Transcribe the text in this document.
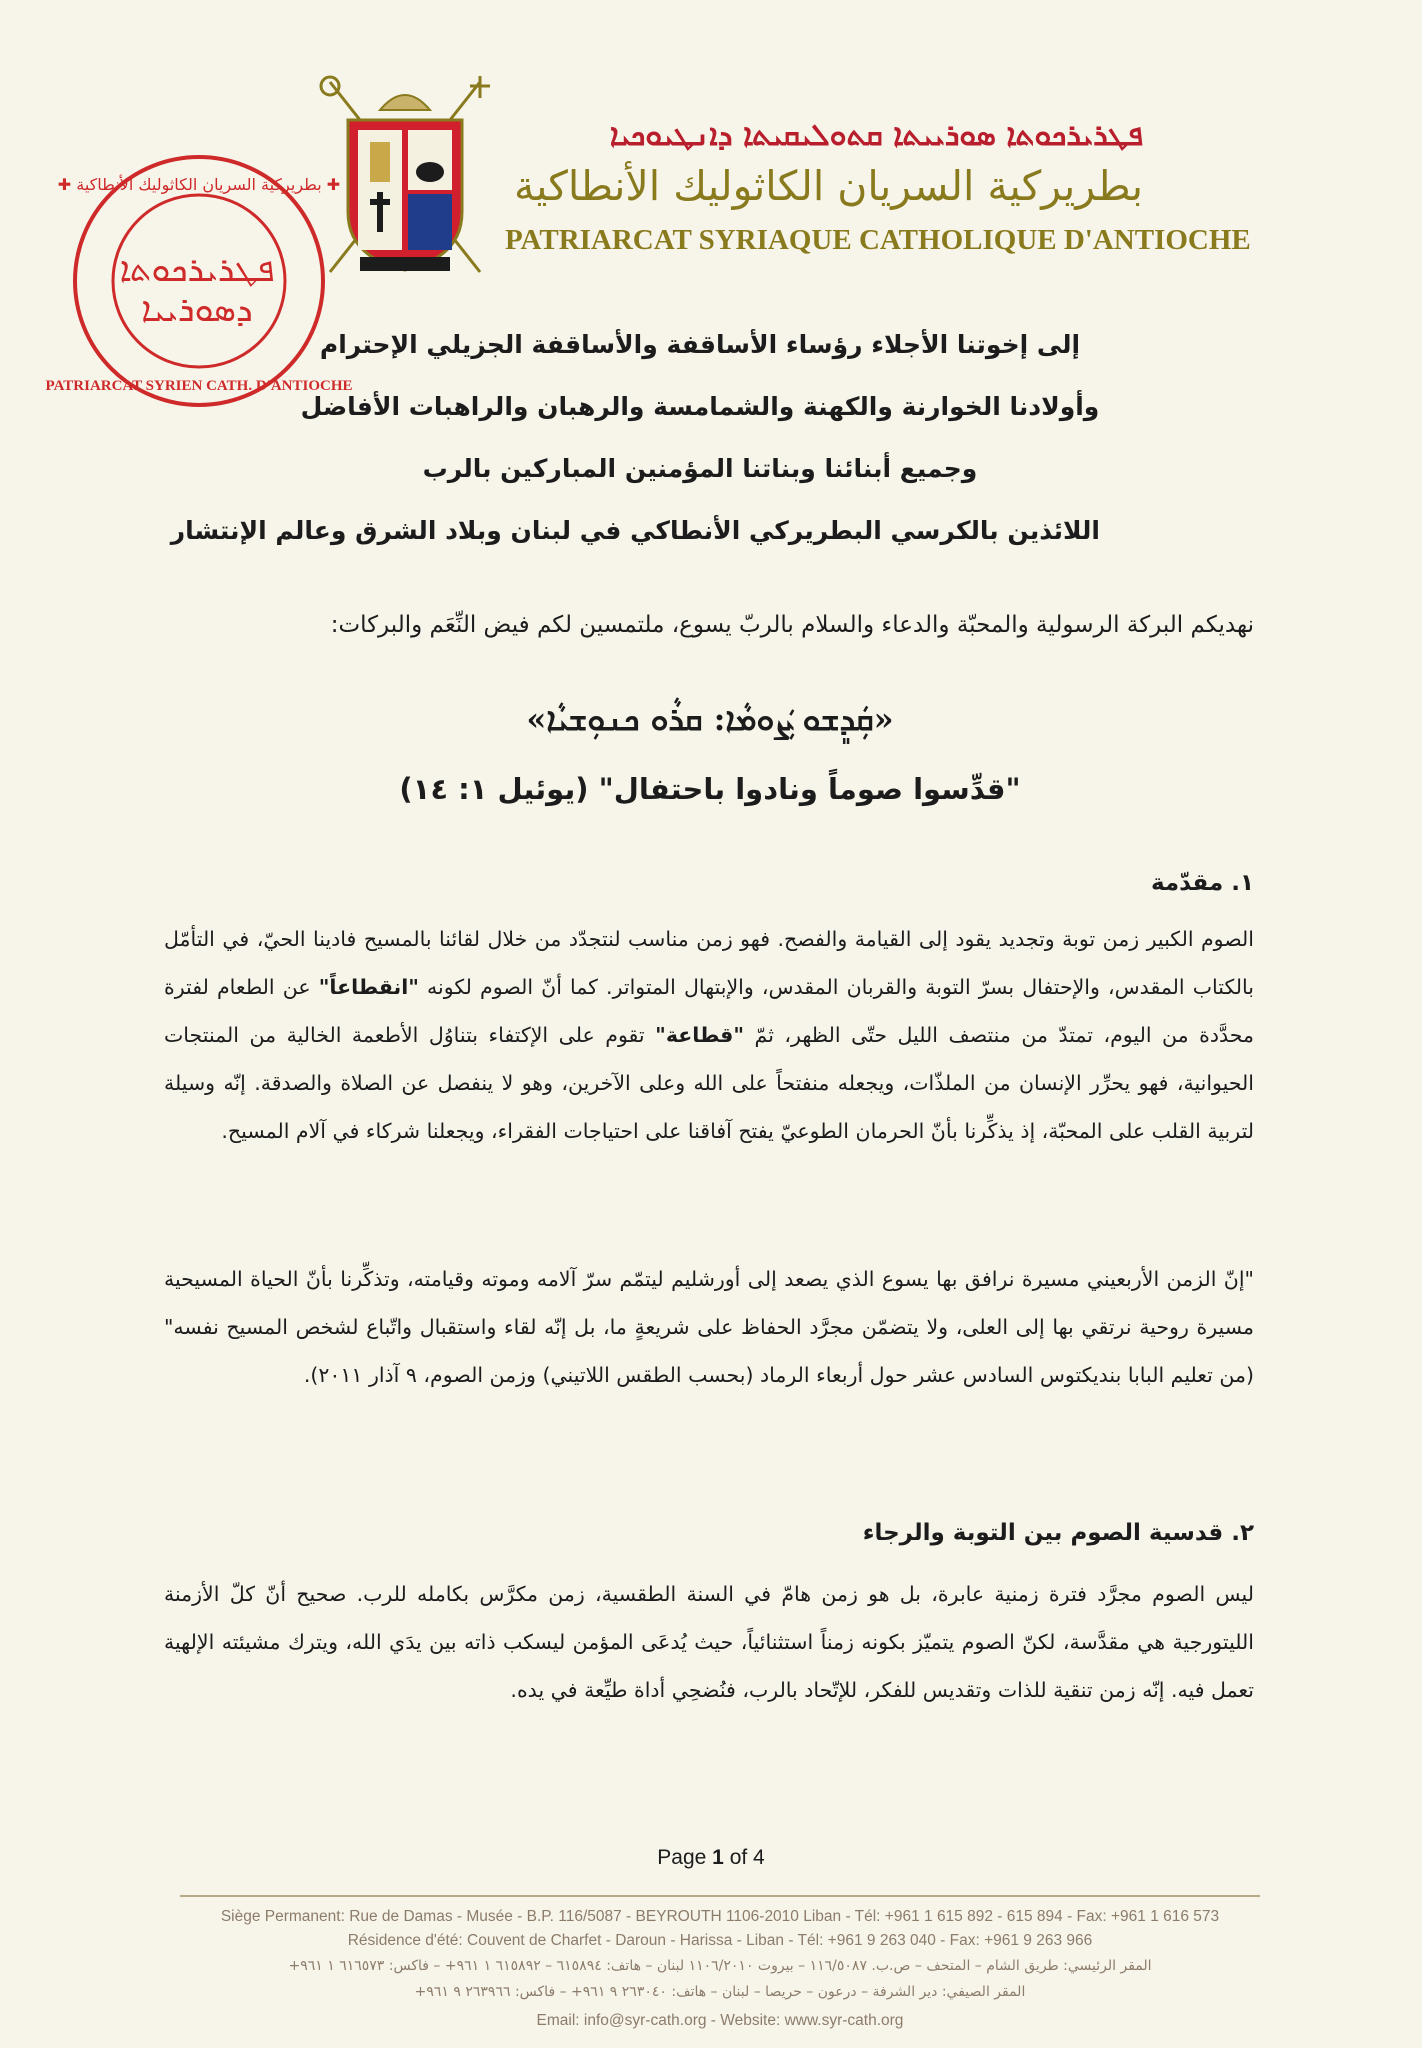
✚ بطريركية السريان الكاثوليك الأنطاكية ✚
PATRIARCAT SYRIEN CATH. D'ANTIOCHE
ܦܛܪܝܪܟܘܬܐ ܕܣܘܪܝܝܐ
ܦܛܪܝܪܟܘܬܐ ܣܘܪܝܝܬܐ ܩܬܘܠܝܩܝܬܐ ܕܐܢܛܝܘܟܝܐ
بطريركية السريان الكاثوليك الأنطاكية
PATRIARCAT SYRIAQUE CATHOLIQUE D'ANTIOCHE
إلى إخوتنا الأجلاء رؤساء الأساقفة والأساقفة الجزيلي الإحترام
وأولادنا الخوارنة والكهنة والشمامسة والرهبان والراهبات الأفاضل
وجميع أبنائنا وبناتنا المؤمنين المباركين بالرب
اللائذين بالكرسي البطريركي الأنطاكي في لبنان وبلاد الشرق وعالم الإنتشار
نهديكم البركة الرسولية والمحبّة والدعاء والسلام بالربّ يسوع، ملتمسين لكم فيض النِّعَم والبركات:
«ܩܲܕܸܫܘ ܨܲܘܡܵܐ: ܩܪܵܘ ܟܢܘܼܫܝܵܐ»
"قدِّسوا صوماً ونادوا باحتفال" (يوئيل ١: ١٤)
١. مقدّمة
الصوم الكبير زمن توبة وتجديد يقود إلى القيامة والفصح. فهو زمن مناسب لنتجدّد من خلال لقائنا بالمسيح فادينا الحيّ، في التأمّل بالكتاب المقدس، والإحتفال بسرّ التوبة والقربان المقدس، والإبتهال المتواتر. كما أنّ الصوم لكونه "انقطاعاً" عن الطعام لفترة محدَّدة من اليوم، تمتدّ من منتصف الليل حتّى الظهر، ثمّ "قطاعة" تقوم على الإكتفاء بتناوُل الأطعمة الخالية من المنتجات الحيوانية، فهو يحرِّر الإنسان من الملذّات، ويجعله منفتحاً على الله وعلى الآخرين، وهو لا ينفصل عن الصلاة والصدقة. إنّه وسيلة لتربية القلب على المحبّة، إذ يذكِّرنا بأنّ الحرمان الطوعيّ يفتح آفاقنا على احتياجات الفقراء، ويجعلنا شركاء في آلام المسيح.
"إنّ الزمن الأربعيني مسيرة نرافق بها يسوع الذي يصعد إلى أورشليم ليتمّم سرّ آلامه وموته وقيامته، وتذكِّرنا بأنّ الحياة المسيحية مسيرة روحية نرتقي بها إلى العلى، ولا يتضمّن مجرَّد الحفاظ على شريعةٍ ما، بل إنّه لقاء واستقبال واتّباع لشخص المسيح نفسه" (من تعليم البابا بنديكتوس السادس عشر حول أربعاء الرماد (بحسب الطقس اللاتيني) وزمن الصوم، ٩ آذار ٢٠١١).
٢. قدسية الصوم بين التوبة والرجاء
ليس الصوم مجرَّد فترة زمنية عابرة، بل هو زمن هامّ في السنة الطقسية، زمن مكرَّس بكامله للرب. صحيح أنّ كلّ الأزمنة الليتورجية هي مقدَّسة، لكنّ الصوم يتميّز بكونه زمناً استثنائياً، حيث يُدعَى المؤمن ليسكب ذاته بين يدَي الله، ويترك مشيئته الإلهية تعمل فيه. إنّه زمن تنقية للذات وتقديس للفكر، للإتّحاد بالرب، فنُضحِي أداة طيِّعة في يده.
Page 1 of 4
Siège Permanent: Rue de Damas - Musée - B.P. 116/5087 - BEYROUTH 1106-2010 Liban - Tél: +961 1 615 892 - 615 894 - Fax: +961 1 616 573
Résidence d'été: Couvent de Charfet - Daroun - Harissa - Liban - Tél: +961 9 263 040 - Fax: +961 9 263 966
المقر الرئيسي: طريق الشام – المتحف – ص.ب. ١١٦/٥٠٨٧ – بيروت ١١٠٦/٢٠١٠ لبنان – هاتف: ٦١٥٨٩٤ – ٦١٥٨٩٢ ١ ٩٦١+ – فاكس: ٦١٦٥٧٣ ١ ٩٦١+
المقر الصيفي: دير الشرفة – درعون – حريصا – لبنان – هاتف: ٢٦٣٠٤٠ ٩ ٩٦١+ – فاكس: ٢٦٣٩٦٦ ٩ ٩٦١+
Email: info@syr-cath.org - Website: www.syr-cath.org
